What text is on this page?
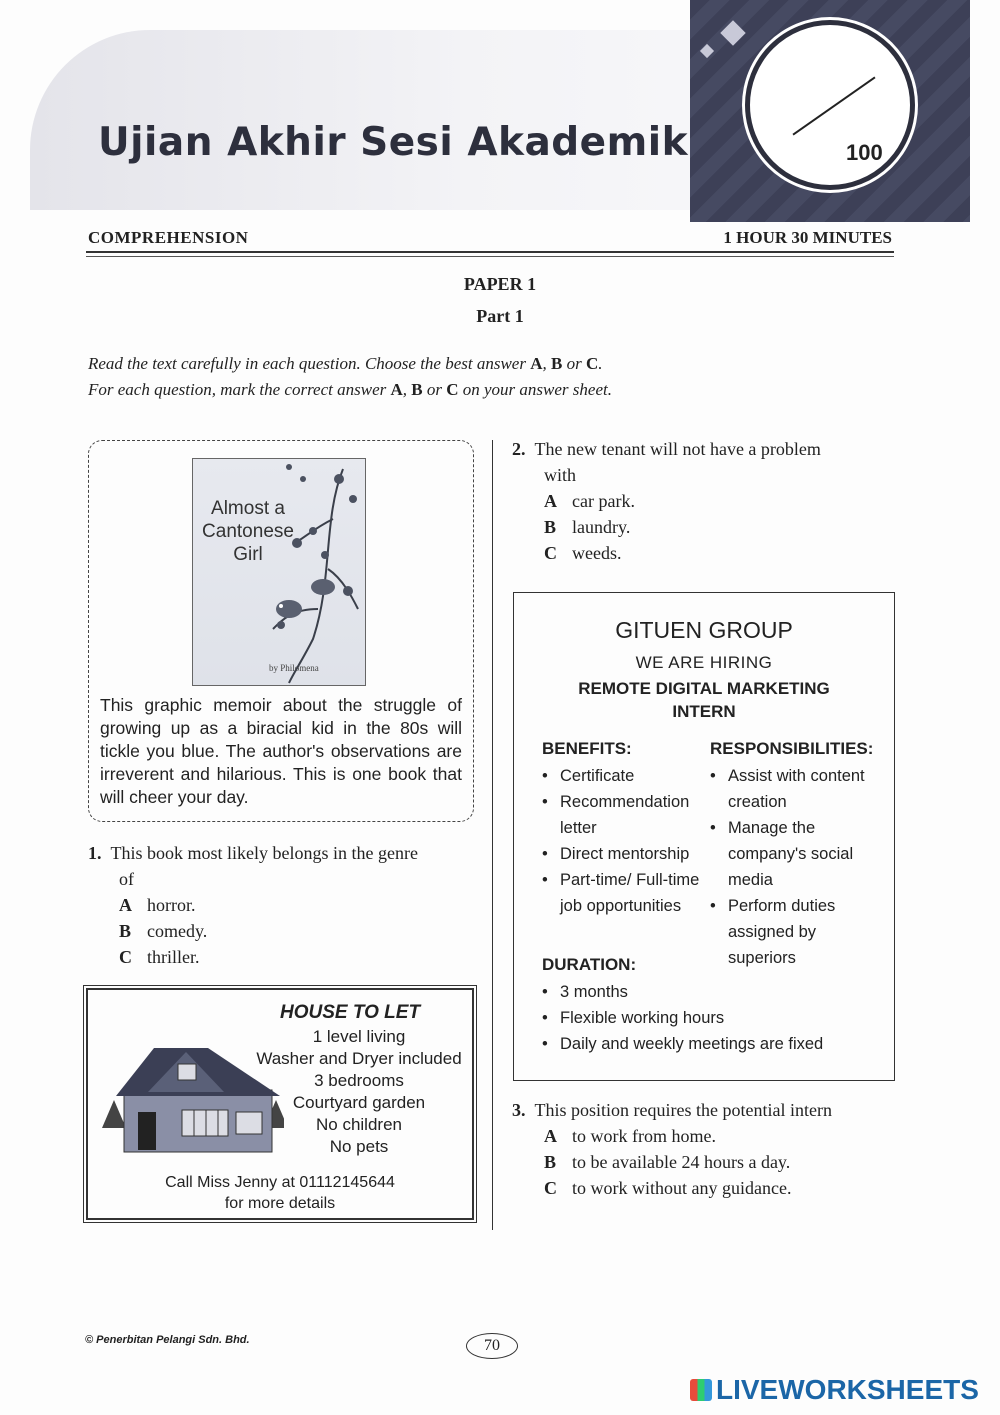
Ujian Akhir Sesi Akademik	100
COMPREHENSION	1 HOUR 30 MINUTES
PAPER 1
Part 1
Read the text carefully in each question. Choose the best answer A, B or C.
For each question, mark the correct answer A, B or C on your answer sheet.
Almost a Cantonese Girl
by Philomena
This graphic memoir about the struggle of growing up as a biracial kid in the 80s will tickle you blue. The author's observations are irreverent and hilarious. This is one book that will cheer your day.
1. This book most likely belongs in the genre
of
A horror.
B comedy.
C thriller.
HOUSE TO LET
1 level living
Washer and Dryer included
3 bedrooms
Courtyard garden
No children
No pets
Call Miss Jenny at 01112145644
for more details
2. The new tenant will not have a problem
with
A car park.
B laundry.
C weeds.
GITUEN GROUP
WE ARE HIRING
REMOTE DIGITAL MARKETING
INTERN
BENEFITS:
• Certificate
• Recommendation letter
• Direct mentorship
• Part-time/ Full-time job opportunities
RESPONSIBILITIES:
• Assist with content creation
• Manage the company's social media
• Perform duties assigned by superiors
DURATION:
• 3 months
• Flexible working hours
• Daily and weekly meetings are fixed
3. This position requires the potential intern
A to work from home.
B to be available 24 hours a day.
C to work without any guidance.
© Penerbitan Pelangi Sdn. Bhd.	70
LIVEWORKSHEETS
